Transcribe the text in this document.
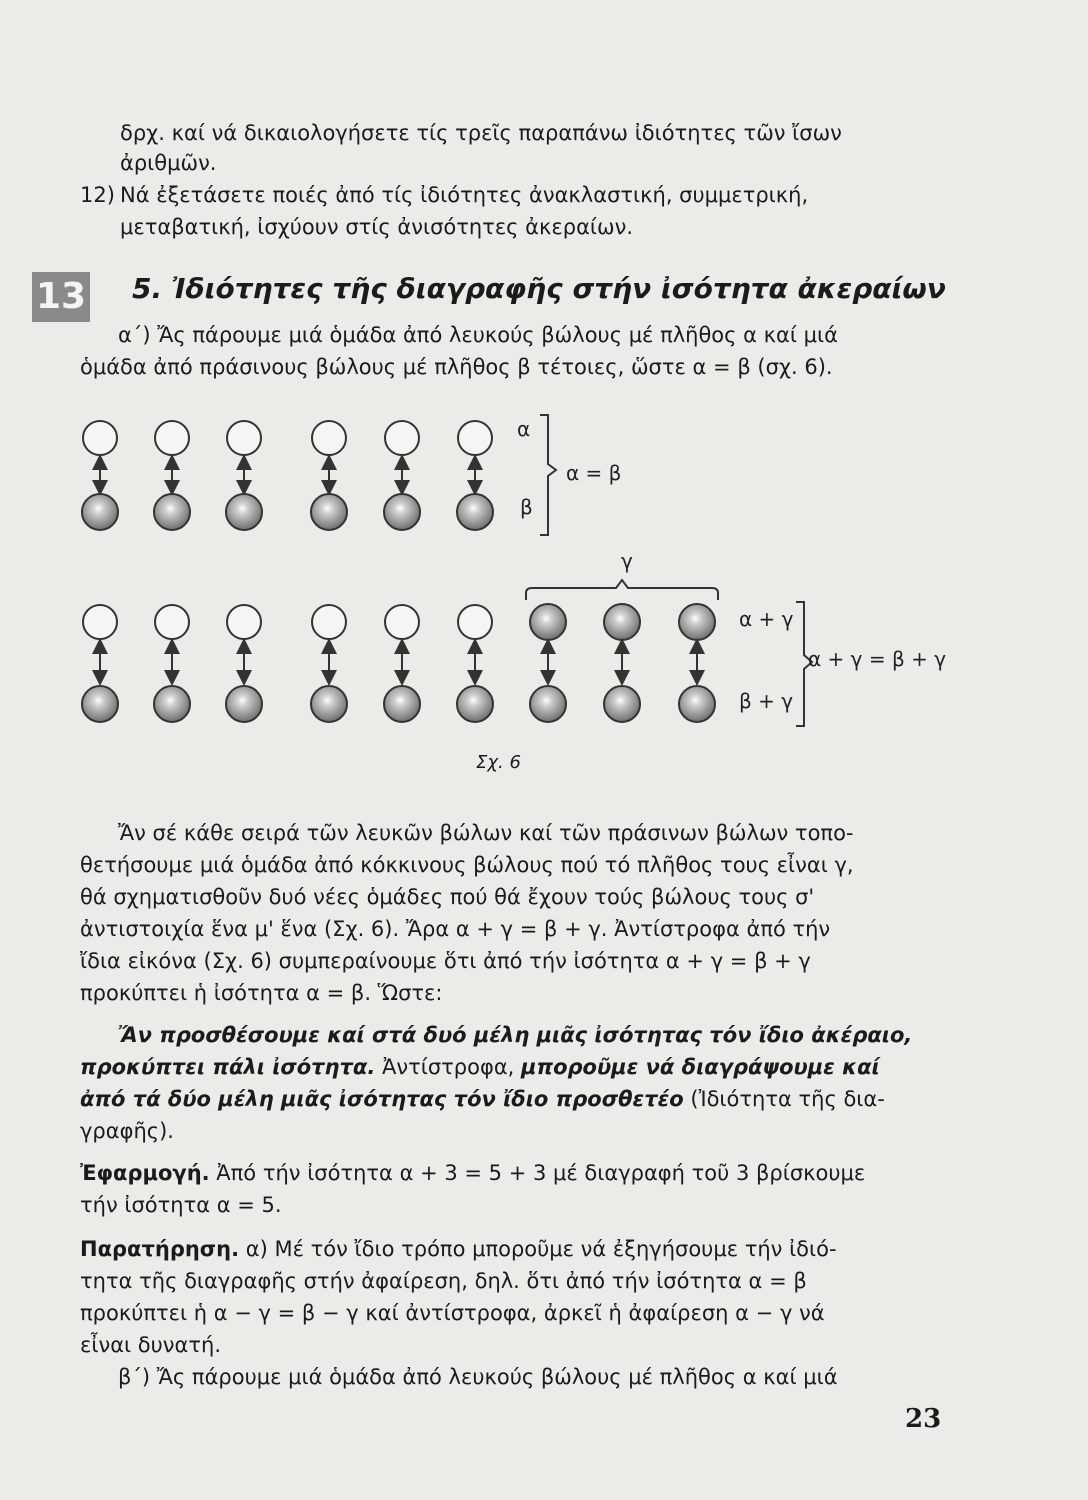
δρχ. καί νά δικαιολογήσετε τίς τρεῖς παραπάνω ἰδιότητες τῶν ἴσων
ἀριθμῶν.
12) Νά ἐξετάσετε ποιές ἀπό τίς ἰδιότητες ἀνακλαστική, συμμετρική,
μεταβατική, ἰσχύουν στίς ἀνισότητες ἀκεραίων.
13 5. Ἰδιότητες τῆς διαγραφῆς στήν ἰσότητα ἀκεραίων
α΄) Ἄς πάρουμε μιά ὁμάδα ἀπό λευκούς βώλους μέ πλῆθος α καί μιά
ὁμάδα ἀπό πράσινους βώλους μέ πλῆθος β τέτοιες, ὥστε α = β (σχ. 6).
α
β
α = β
γ
α + γ
β + γ
α + γ = β + γ
Σχ. 6
Ἄν σέ κάθε σειρά τῶν λευκῶν βώλων καί τῶν πράσινων βώλων τοπο-
θετήσουμε μιά ὁμάδα ἀπό κόκκινους βώλους πού τό πλῆθος τους εἶναι γ,
θά σχηματισθοῦν δυό νέες ὁμάδες πού θά ἔχουν τούς βώλους τους σ'
ἀντιστοιχία ἕνα μ' ἕνα (Σχ. 6). Ἄρα α + γ = β + γ. Ἀντίστροφα ἀπό τήν
ἴδια εἰκόνα (Σχ. 6) συμπεραίνουμε ὅτι ἀπό τήν ἰσότητα α + γ = β + γ
προκύπτει ἡ ἰσότητα α = β. Ὥστε:
Ἄν προσθέσουμε καί στά δυό μέλη μιᾶς ἰσότητας τόν ἴδιο ἀκέραιο,
προκύπτει πάλι ἰσότητα. Ἀντίστροφα, μποροῦμε νά διαγράψουμε καί
ἀπό τά δύο μέλη μιᾶς ἰσότητας τόν ἴδιο προσθετέο (Ἰδιότητα τῆς δια-
γραφῆς).
Ἐφαρμογή. Ἀπό τήν ἰσότητα α + 3 = 5 + 3 μέ διαγραφή τοῦ 3 βρίσκουμε
τήν ἰσότητα α = 5.
Παρατήρηση. α) Μέ τόν ἴδιο τρόπο μποροῦμε νά ἐξηγήσουμε τήν ἰδιό-
τητα τῆς διαγραφῆς στήν ἀφαίρεση, δηλ. ὅτι ἀπό τήν ἰσότητα α = β
προκύπτει ἡ α − γ = β − γ καί ἀντίστροφα, ἀρκεῖ ἡ ἀφαίρεση α − γ νά
εἶναι δυνατή.
β΄) Ἄς πάρουμε μιά ὁμάδα ἀπό λευκούς βώλους μέ πλῆθος α καί μιά
23
